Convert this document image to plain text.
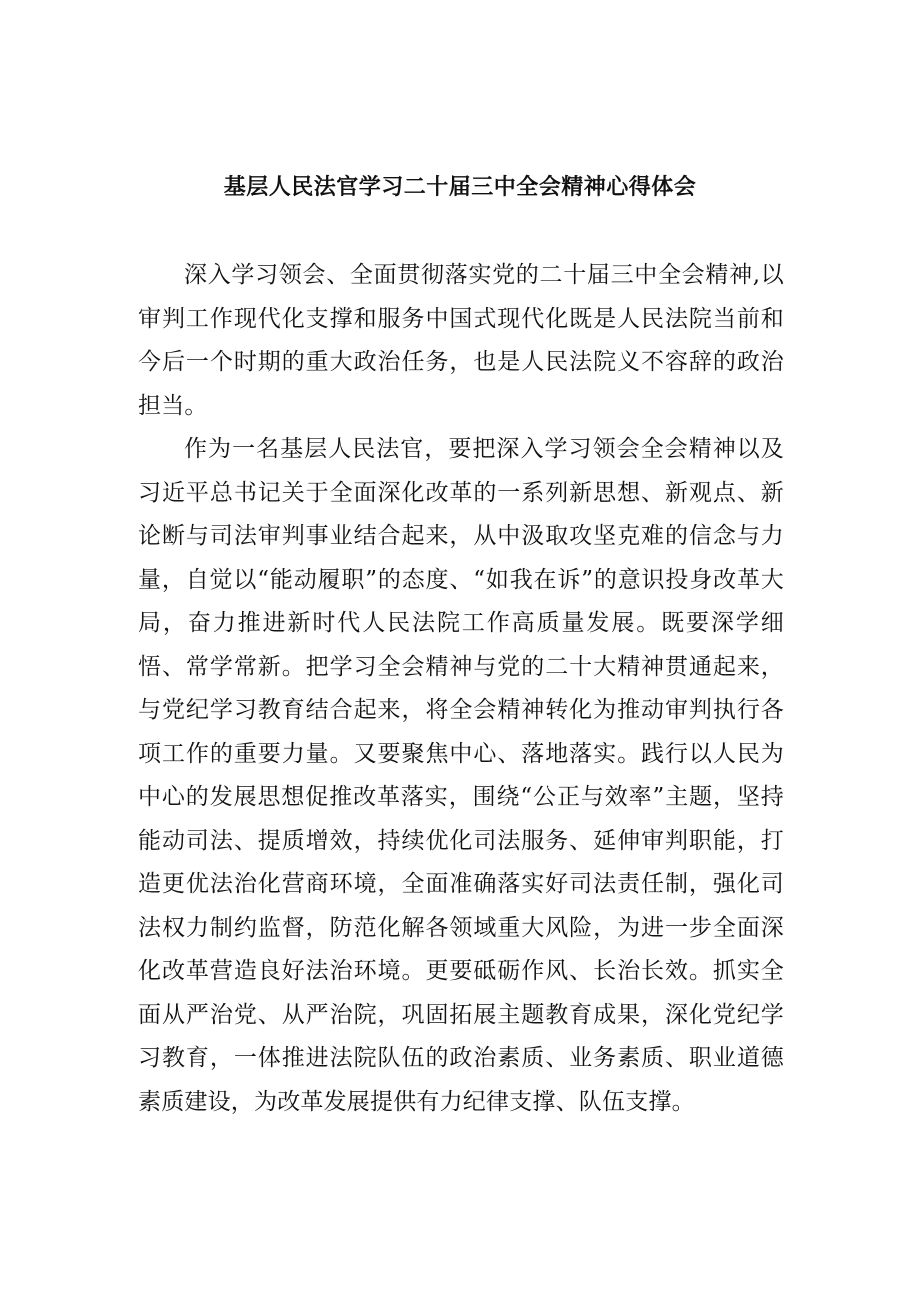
基层人民法官学习二十届三中全会精神心得体会

深入学习领会、全面贯彻落实党的二十届三中全会精神,以审判工作现代化支撑和服务中国式现代化既是人民法院当前和今后一个时期的重大政治任务，也是人民法院义不容辞的政治担当。

作为一名基层人民法官，要把深入学习领会全会精神以及习近平总书记关于全面深化改革的一系列新思想、新观点、新论断与司法审判事业结合起来，从中汲取攻坚克难的信念与力量，自觉以“能动履职”的态度、“如我在诉”的意识投身改革大局，奋力推进新时代人民法院工作高质量发展。既要深学细悟、常学常新。把学习全会精神与党的二十大精神贯通起来，与党纪学习教育结合起来，将全会精神转化为推动审判执行各项工作的重要力量。又要聚焦中心、落地落实。践行以人民为中心的发展思想促推改革落实，围绕“公正与效率”主题，坚持能动司法、提质增效，持续优化司法服务、延伸审判职能，打造更优法治化营商环境，全面准确落实好司法责任制，强化司法权力制约监督，防范化解各领域重大风险，为进一步全面深化改革营造良好法治环境。更要砥砺作风、长治长效。抓实全面从严治党、从严治院，巩固拓展主题教育成果，深化党纪学习教育，一体推进法院队伍的政治素质、业务素质、职业道德素质建设，为改革发展提供有力纪律支撑、队伍支撑。
